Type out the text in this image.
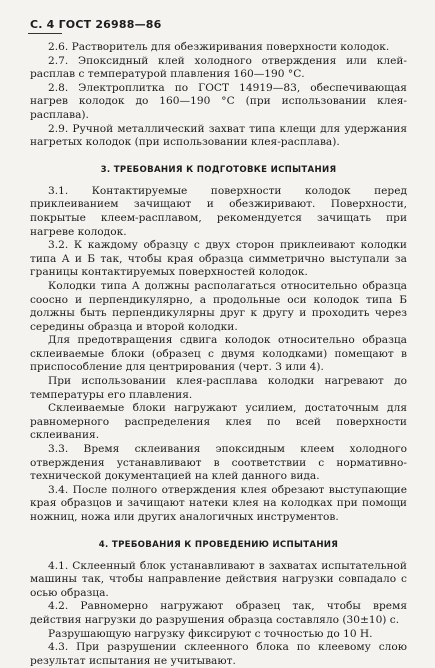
С. 4 ГОСТ 26988—86

2.6. Растворитель для обезжиривания поверхности колодок.

2.7. Эпоксидный клей холодного отверждения или клей-расплав с температурой плавления 160—190 °С.

2.8. Электроплитка по ГОСТ 14919—83, обеспечивающая нагрев колодок до 160—190 °С (при использовании клея-расплава).

2.9. Ручной металлический захват типа клещи для удержания нагретых колодок (при использовании клея-расплава).

3. ТРЕБОВАНИЯ К ПОДГОТОВКЕ ИСПЫТАНИЯ

3.1. Контактируемые поверхности колодок перед приклеиванием зачищают и обезжиривают. Поверхности, покрытые клеем-расплавом, рекомендуется зачищать при нагреве колодок.

3.2. К каждому образцу с двух сторон приклеивают колодки типа А и Б так, чтобы края образца симметрично выступали за границы контактируемых поверхностей колодок.

Колодки типа А должны располагаться относительно образца соосно и перпендикулярно, а продольные оси колодок типа Б должны быть перпендикулярны друг к другу и проходить через середины образца и второй колодки.

Для предотвращения сдвига колодок относительно образца склеиваемые блоки (образец с двумя колодками) помещают в приспособление для центрирования (черт. 3 или 4).

При использовании клея-расплава колодки нагревают до температуры его плавления.

Склеиваемые блоки нагружают усилием, достаточным для равномерного распределения клея по всей поверхности склеивания.

3.3. Время склеивания эпоксидным клеем холодного отверждения устанавливают в соответствии с нормативно-технической документацией на клей данного вида.

3.4. После полного отверждения клея обрезают выступающие края образцов и зачищают натеки клея на колодках при помощи ножниц, ножа или других аналогичных инструментов.

4. ТРЕБОВАНИЯ К ПРОВЕДЕНИЮ ИСПЫТАНИЯ

4.1. Склеенный блок устанавливают в захватах испытательной машины так, чтобы направление действия нагрузки совпадало с осью образца.

4.2. Равномерно нагружают образец так, чтобы время действия нагрузки до разрушения образца составляло (30±10) с.

Разрушающую нагрузку фиксируют с точностью до 10 Н.

4.3. При разрушении склеенного блока по клеевому слою результат испытания не учитывают.
